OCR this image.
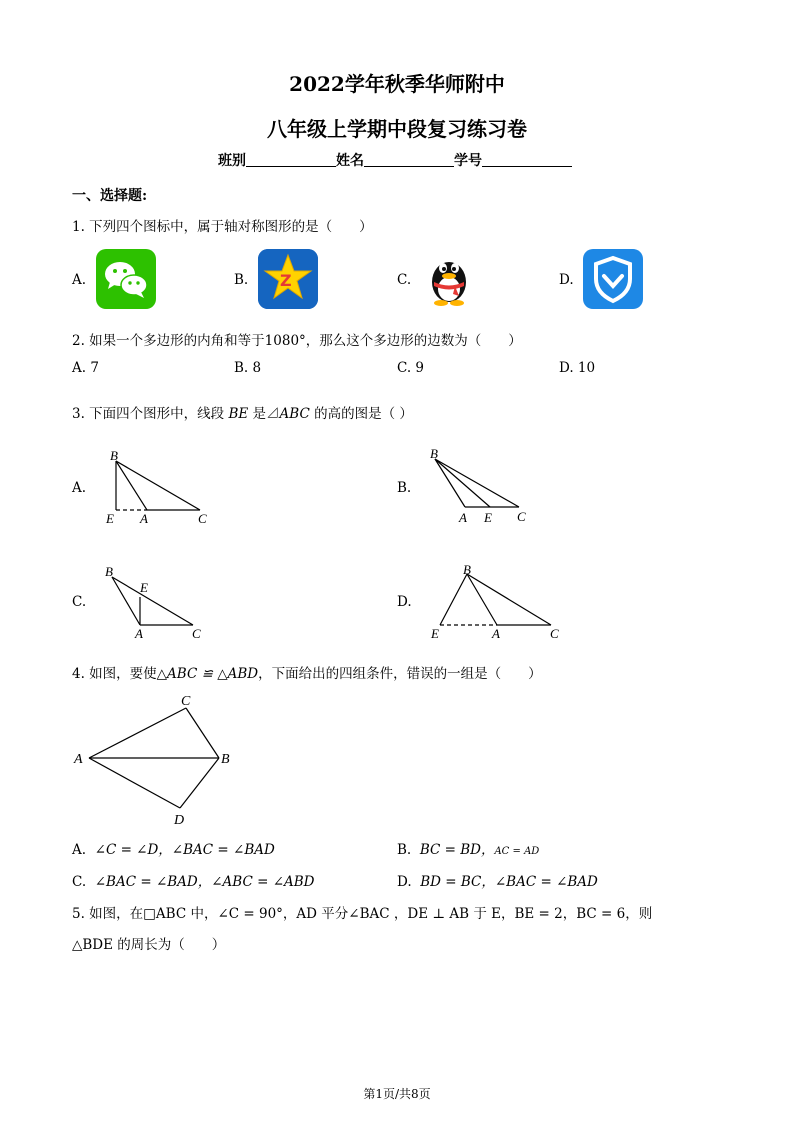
2022学年秋季华师附中
八年级上学期中段复习练习卷
班别	姓名	学号
一、选择题:
1. 下列四个图标中，属于轴对称图形的是（　　）
A.	B. Z	C.	D.
2. 如果一个多边形的内角和等于1080°，那么这个多边形的边数为（　　）
A. 7	B. 8	C. 9	D. 10
3. 下面四个图形中，线段 BE 是⊿ABC 的高的图是（ ）
A.
B
E A	C
B.
B
A E C
C.
B
E
A	C
D.
B
E	A	C
4. 如图，要使△ABC ≌ △ABD，下面给出的四组条件，错误的一组是（　　）
A	B
C
D
A. ∠C = ∠D，∠BAC = ∠BAD	B. BC = BD，AC = AD
C. ∠BAC = ∠BAD，∠ABC = ∠ABD	D. BD = BC，∠BAC = ∠BAD
5. 如图，在□ABC 中，∠C = 90°，AD 平分∠BAC ，DE ⊥ AB 于 E，BE = 2，BC = 6，则
△BDE 的周长为（　　）
第1页/共8页
